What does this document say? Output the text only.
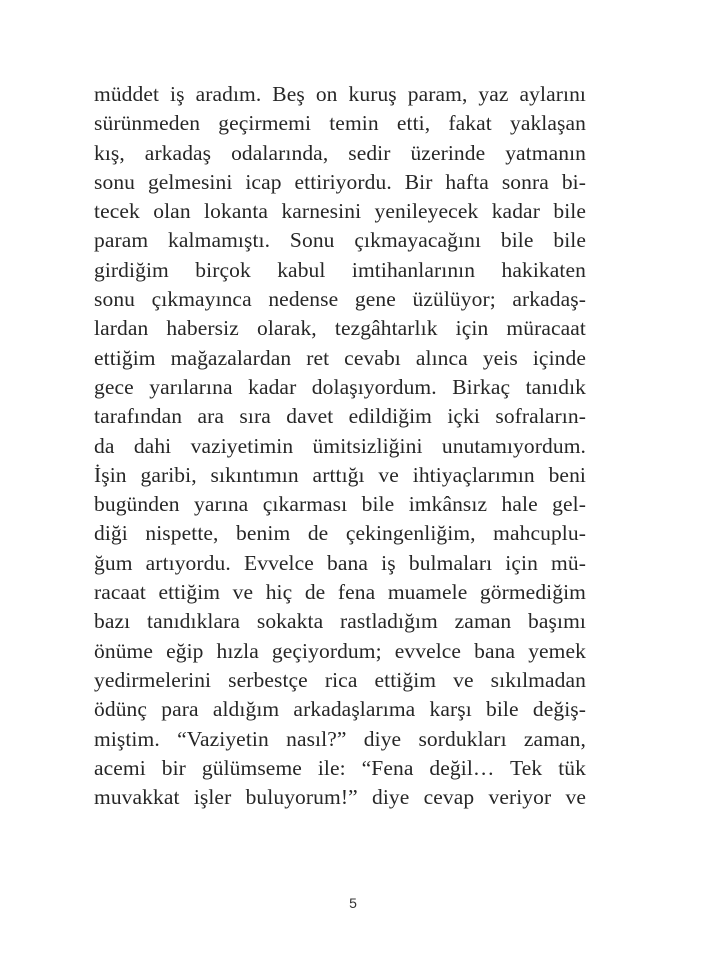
müddet iş aradım. Beş on kuruş param, yaz aylarını
sürünmeden geçirmemi temin etti, fakat yaklaşan
kış, arkadaş odalarında, sedir üzerinde yatmanın
sonu gelmesini icap ettiriyordu. Bir hafta sonra bi-
tecek olan lokanta karnesini yenileyecek kadar bile
param kalmamıştı. Sonu çıkmayacağını bile bile
girdiğim birçok kabul imtihanlarının hakikaten
sonu çıkmayınca nedense gene üzülüyor; arkadaş-
lardan habersiz olarak, tezgâhtarlık için müracaat
ettiğim mağazalardan ret cevabı alınca yeis içinde
gece yarılarına kadar dolaşıyordum. Birkaç tanıdık
tarafından ara sıra davet edildiğim içki sofraların-
da dahi vaziyetimin ümitsizliğini unutamıyordum.
İşin garibi, sıkıntımın arttığı ve ihtiyaçlarımın beni
bugünden yarına çıkarması bile imkânsız hale gel-
diği nispette, benim de çekingenliğim, mahcuplu-
ğum artıyordu. Evvelce bana iş bulmaları için mü-
racaat ettiğim ve hiç de fena muamele görmediğim
bazı tanıdıklara sokakta rastladığım zaman başımı
önüme eğip hızla geçiyordum; evvelce bana yemek
yedirmelerini serbestçe rica ettiğim ve sıkılmadan
ödünç para aldığım arkadaşlarıma karşı bile değiş-
miştim. “Vaziyetin nasıl?” diye sordukları zaman,
acemi bir gülümseme ile: “Fena değil… Tek tük
muvakkat işler buluyorum!” diye cevap veriyor ve
5
